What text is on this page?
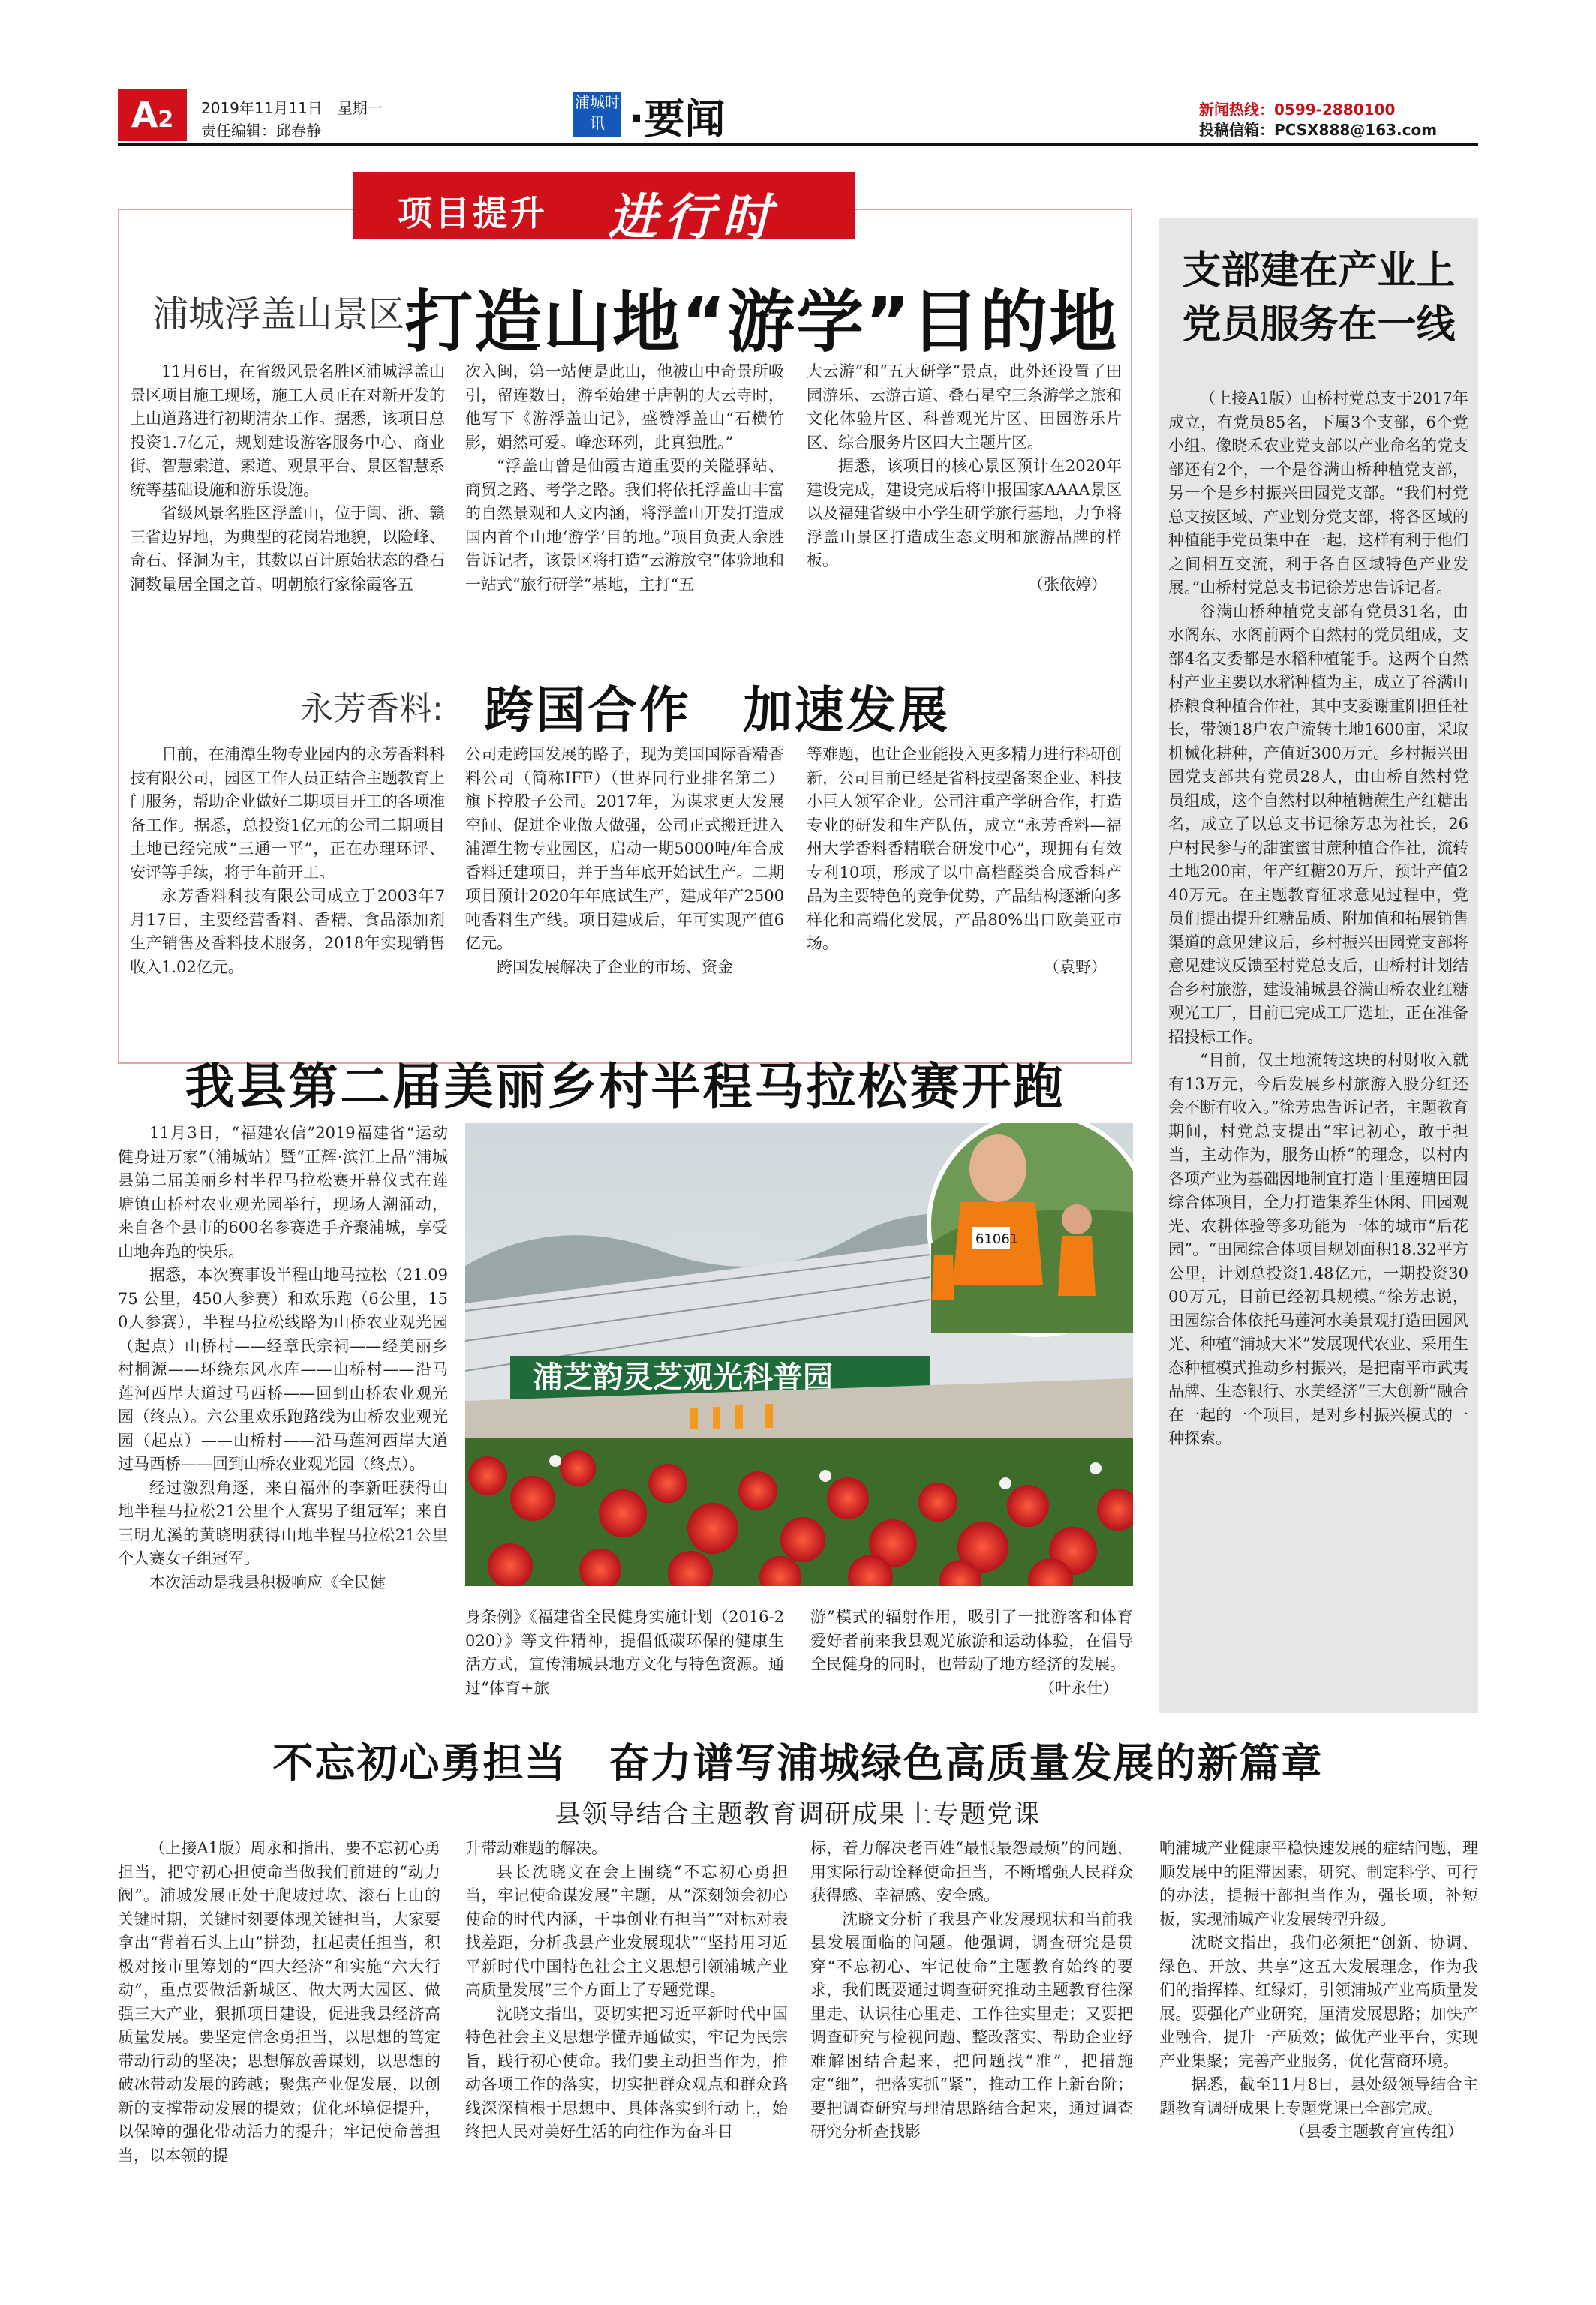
A2	2019年11月11日　星期一
责任编辑：邱春静
浦城时讯 ·要闻	新闻热线：0599-2880100
投稿信箱：PCSX888@163.com
项目提升 进行时
浦城浮盖山景区:
打造山地“游学”目的地

11月6日，在省级风景名胜区浦城浮盖山景区项目施工现场，施工人员正在对新开发的上山道路进行初期清杂工作。据悉，该项目总投资1.7亿元，规划建设游客服务中心、商业街、智慧索道、索道、观景平台、景区智慧系统等基础设施和游乐设施。

省级风景名胜区浮盖山，位于闽、浙、赣三省边界地，为典型的花岗岩地貌，以险峰、奇石、怪洞为主，其数以百计原始状态的叠石洞数量居全国之首。明朝旅行家徐霞客五

次入闽，第一站便是此山，他被山中奇景所吸引，留连数日，游至始建于唐朝的大云寺时，他写下《游浮盖山记》，盛赞浮盖山“石横竹影，娟然可爱。峰恋环列，此真独胜。”

“浮盖山曾是仙霞古道重要的关隘驿站、商贸之路、考学之路。我们将依托浮盖山丰富的自然景观和人文内涵，将浮盖山开发打造成国内首个山地‘游学’目的地。”项目负责人余胜告诉记者，该景区将打造“云游放空”体验地和一站式“旅行研学”基地，主打“五

大云游”和“五大研学”景点，此外还设置了田园游乐、云游古道、叠石星空三条游学之旅和文化体验片区、科普观光片区、田园游乐片区、综合服务片区四大主题片区。

据悉，该项目的核心景区预计在2020年建设完成，建设完成后将申报国家AAAA景区以及福建省级中小学生研学旅行基地，力争将浮盖山景区打造成生态文明和旅游品牌的样板。

（张依婷）
永芳香料: 跨国合作　加速发展

日前，在浦潭生物专业园内的永芳香料科技有限公司，园区工作人员正结合主题教育上门服务，帮助企业做好二期项目开工的各项准备工作。据悉，总投资1亿元的公司二期项目土地已经完成“三通一平”，正在办理环评、安评等手续，将于年前开工。

永芳香料科技有限公司成立于2003年7月17日，主要经营香料、香精、食品添加剂生产销售及香料技术服务，2018年实现销售收入1.02亿元。

公司走跨国发展的路子，现为美国国际香精香料公司（简称IFF）（世界同行业排名第二）旗下控股子公司。2017年，为谋求更大发展空间、促进企业做大做强，公司正式搬迁进入浦潭生物专业园区，启动一期5000吨/年合成香料迁建项目，并于当年底开始试生产。二期项目预计2020年年底试生产，建成年产2500吨香料生产线。项目建成后，年可实现产值6亿元。

跨国发展解决了企业的市场、资金

等难题，也让企业能投入更多精力进行科研创新，公司目前已经是省科技型备案企业、科技小巨人领军企业。公司注重产学研合作，打造专业的研发和生产队伍，成立“永芳香料—福州大学香料香精联合研发中心”，现拥有有效专利10项，形成了以中高档醛类合成香料产品为主要特色的竞争优势，产品结构逐渐向多样化和高端化发展，产品80%出口欧美亚市场。

（袁野）
我县第二届美丽乡村半程马拉松赛开跑

11月3日，“福建农信”2019福建省“运动健身进万家”（浦城站）暨“正辉·滨江上品”浦城县第二届美丽乡村半程马拉松赛开幕仪式在莲塘镇山桥村农业观光园举行，现场人潮涌动，来自各个县市的600名参赛选手齐聚浦城，享受山地奔跑的快乐。

据悉，本次赛事设半程山地马拉松（21.0975 公里，450人参赛）和欢乐跑（6公里，150人参赛），半程马拉松线路为山桥农业观光园（起点）山桥村——经章氏宗祠——经美丽乡村桐源——环绕东风水库——山桥村——沿马莲河西岸大道过马西桥——回到山桥农业观光园（终点）。六公里欢乐跑路线为山桥农业观光园（起点）——山桥村——沿马莲河西岸大道过马西桥——回到山桥农业观光园（终点）。

经过激烈角逐，来自福州的李新旺获得山地半程马拉松21公里个人赛男子组冠军；来自三明尤溪的黄晓明获得山地半程马拉松21公里个人赛女子组冠军。

本次活动是我县积极响应《全民健

身条例》《福建省全民健身实施计划（2016-2020）》等文件精神，提倡低碳环保的健康生活方式，宣传浦城县地方文化与特色资源。通过“体育+旅

游”模式的辐射作用，吸引了一批游客和体育爱好者前来我县观光旅游和运动体验，在倡导全民健身的同时，也带动了地方经济的发展。

（叶永仕）
浦芝韵灵芝观光科普园
61061
支部建在产业上
党员服务在一线

（上接A1版）山桥村党总支于2017年成立，有党员85名，下属3个支部，6个党小组。像晓禾农业党支部以产业命名的党支部还有2个，一个是谷满山桥种植党支部，另一个是乡村振兴田园党支部。“我们村党总支按区域、产业划分党支部，将各区域的种植能手党员集中在一起，这样有利于他们之间相互交流，利于各自区域特色产业发展。”山桥村党总支书记徐芳忠告诉记者。

谷满山桥种植党支部有党员31名，由水阁东、水阁前两个自然村的党员组成，支部4名支委都是水稻种植能手。这两个自然村产业主要以水稻种植为主，成立了谷满山桥粮食种植合作社，其中支委谢重阳担任社长，带领18户农户流转土地1600亩，采取机械化耕种，产值近300万元。乡村振兴田园党支部共有党员28人，由山桥自然村党员组成，这个自然村以种植糖蔗生产红糖出名，成立了以总支书记徐芳忠为社长，26户村民参与的甜蜜蜜甘蔗种植合作社，流转土地200亩，年产红糖20万斤，预计产值240万元。在主题教育征求意见过程中，党员们提出提升红糖品质、附加值和拓展销售渠道的意见建议后，乡村振兴田园党支部将意见建议反馈至村党总支后，山桥村计划结合乡村旅游，建设浦城县谷满山桥农业红糖观光工厂，目前已完成工厂选址，正在准备招投标工作。

“目前，仅土地流转这块的村财收入就有13万元，今后发展乡村旅游入股分红还会不断有收入。”徐芳忠告诉记者，主题教育期间，村党总支提出“牢记初心，敢于担当，主动作为，服务山桥”的理念，以村内各项产业为基础因地制宜打造十里莲塘田园综合体项目，全力打造集养生休闲、田园观光、农耕体验等多功能为一体的城市“后花园”。“田园综合体项目规划面积18.32平方公里，计划总投资1.48亿元，一期投资3000万元，目前已经初具规模。”徐芳忠说，田园综合体依托马莲河水美景观打造田园风光、种植“浦城大米”发展现代农业、采用生态种植模式推动乡村振兴，是把南平市武夷品牌、生态银行、水美经济“三大创新”融合在一起的一个项目，是对乡村振兴模式的一种探索。

不忘初心勇担当　奋力谱写浦城绿色高质量发展的新篇章
县领导结合主题教育调研成果上专题党课

（上接A1版）周永和指出，要不忘初心勇担当，把守初心担使命当做我们前进的“动力阀”。浦城发展正处于爬坡过坎、滚石上山的关键时期，关键时刻要体现关键担当，大家要拿出“背着石头上山”拼劲，扛起责任担当，积极对接市里筹划的“四大经济”和实施“六大行动”，重点要做活新城区、做大两大园区、做强三大产业，狠抓项目建设，促进我县经济高质量发展。要坚定信念勇担当，以思想的笃定带动行动的坚决；思想解放善谋划，以思想的破冰带动发展的跨越；聚焦产业促发展，以创新的支撑带动发展的提效；优化环境促提升，以保障的强化带动活力的提升；牢记使命善担当，以本领的提

升带动难题的解决。

县长沈晓文在会上围绕“不忘初心勇担当，牢记使命谋发展”主题，从“深刻领会初心使命的时代内涵，干事创业有担当”“对标对表找差距，分析我县产业发展现状”“坚持用习近平新时代中国特色社会主义思想引领浦城产业高质量发展”三个方面上了专题党课。

沈晓文指出，要切实把习近平新时代中国特色社会主义思想学懂弄通做实，牢记为民宗旨，践行初心使命。我们要主动担当作为，推动各项工作的落实，切实把群众观点和群众路线深深植根于思想中、具体落实到行动上，始终把人民对美好生活的向往作为奋斗目

标，着力解决老百姓“最恨最怨最烦”的问题，用实际行动诠释使命担当，不断增强人民群众获得感、幸福感、安全感。

沈晓文分析了我县产业发展现状和当前我县发展面临的问题。他强调，调查研究是贯穿“不忘初心、牢记使命”主题教育始终的要求，我们既要通过调查研究推动主题教育往深里走、认识往心里走、工作往实里走；又要把调查研究与检视问题、整改落实、帮助企业纾难解困结合起来，把问题找“准”，把措施定“细”，把落实抓“紧”，推动工作上新台阶；要把调查研究与理清思路结合起来，通过调查研究分析查找影

响浦城产业健康平稳快速发展的症结问题，理顺发展中的阻滞因素，研究、制定科学、可行的办法，提振干部担当作为，强长项，补短板，实现浦城产业发展转型升级。

沈晓文指出，我们必须把“创新、协调、绿色、开放、共享”这五大发展理念，作为我们的指挥棒、红绿灯，引领浦城产业高质量发展。要强化产业研究，厘清发展思路；加快产业融合，提升一产质效；做优产业平台，实现产业集聚；完善产业服务，优化营商环境。

据悉，截至11月8日，县处级领导结合主题教育调研成果上专题党课已全部完成。

（县委主题教育宣传组）
